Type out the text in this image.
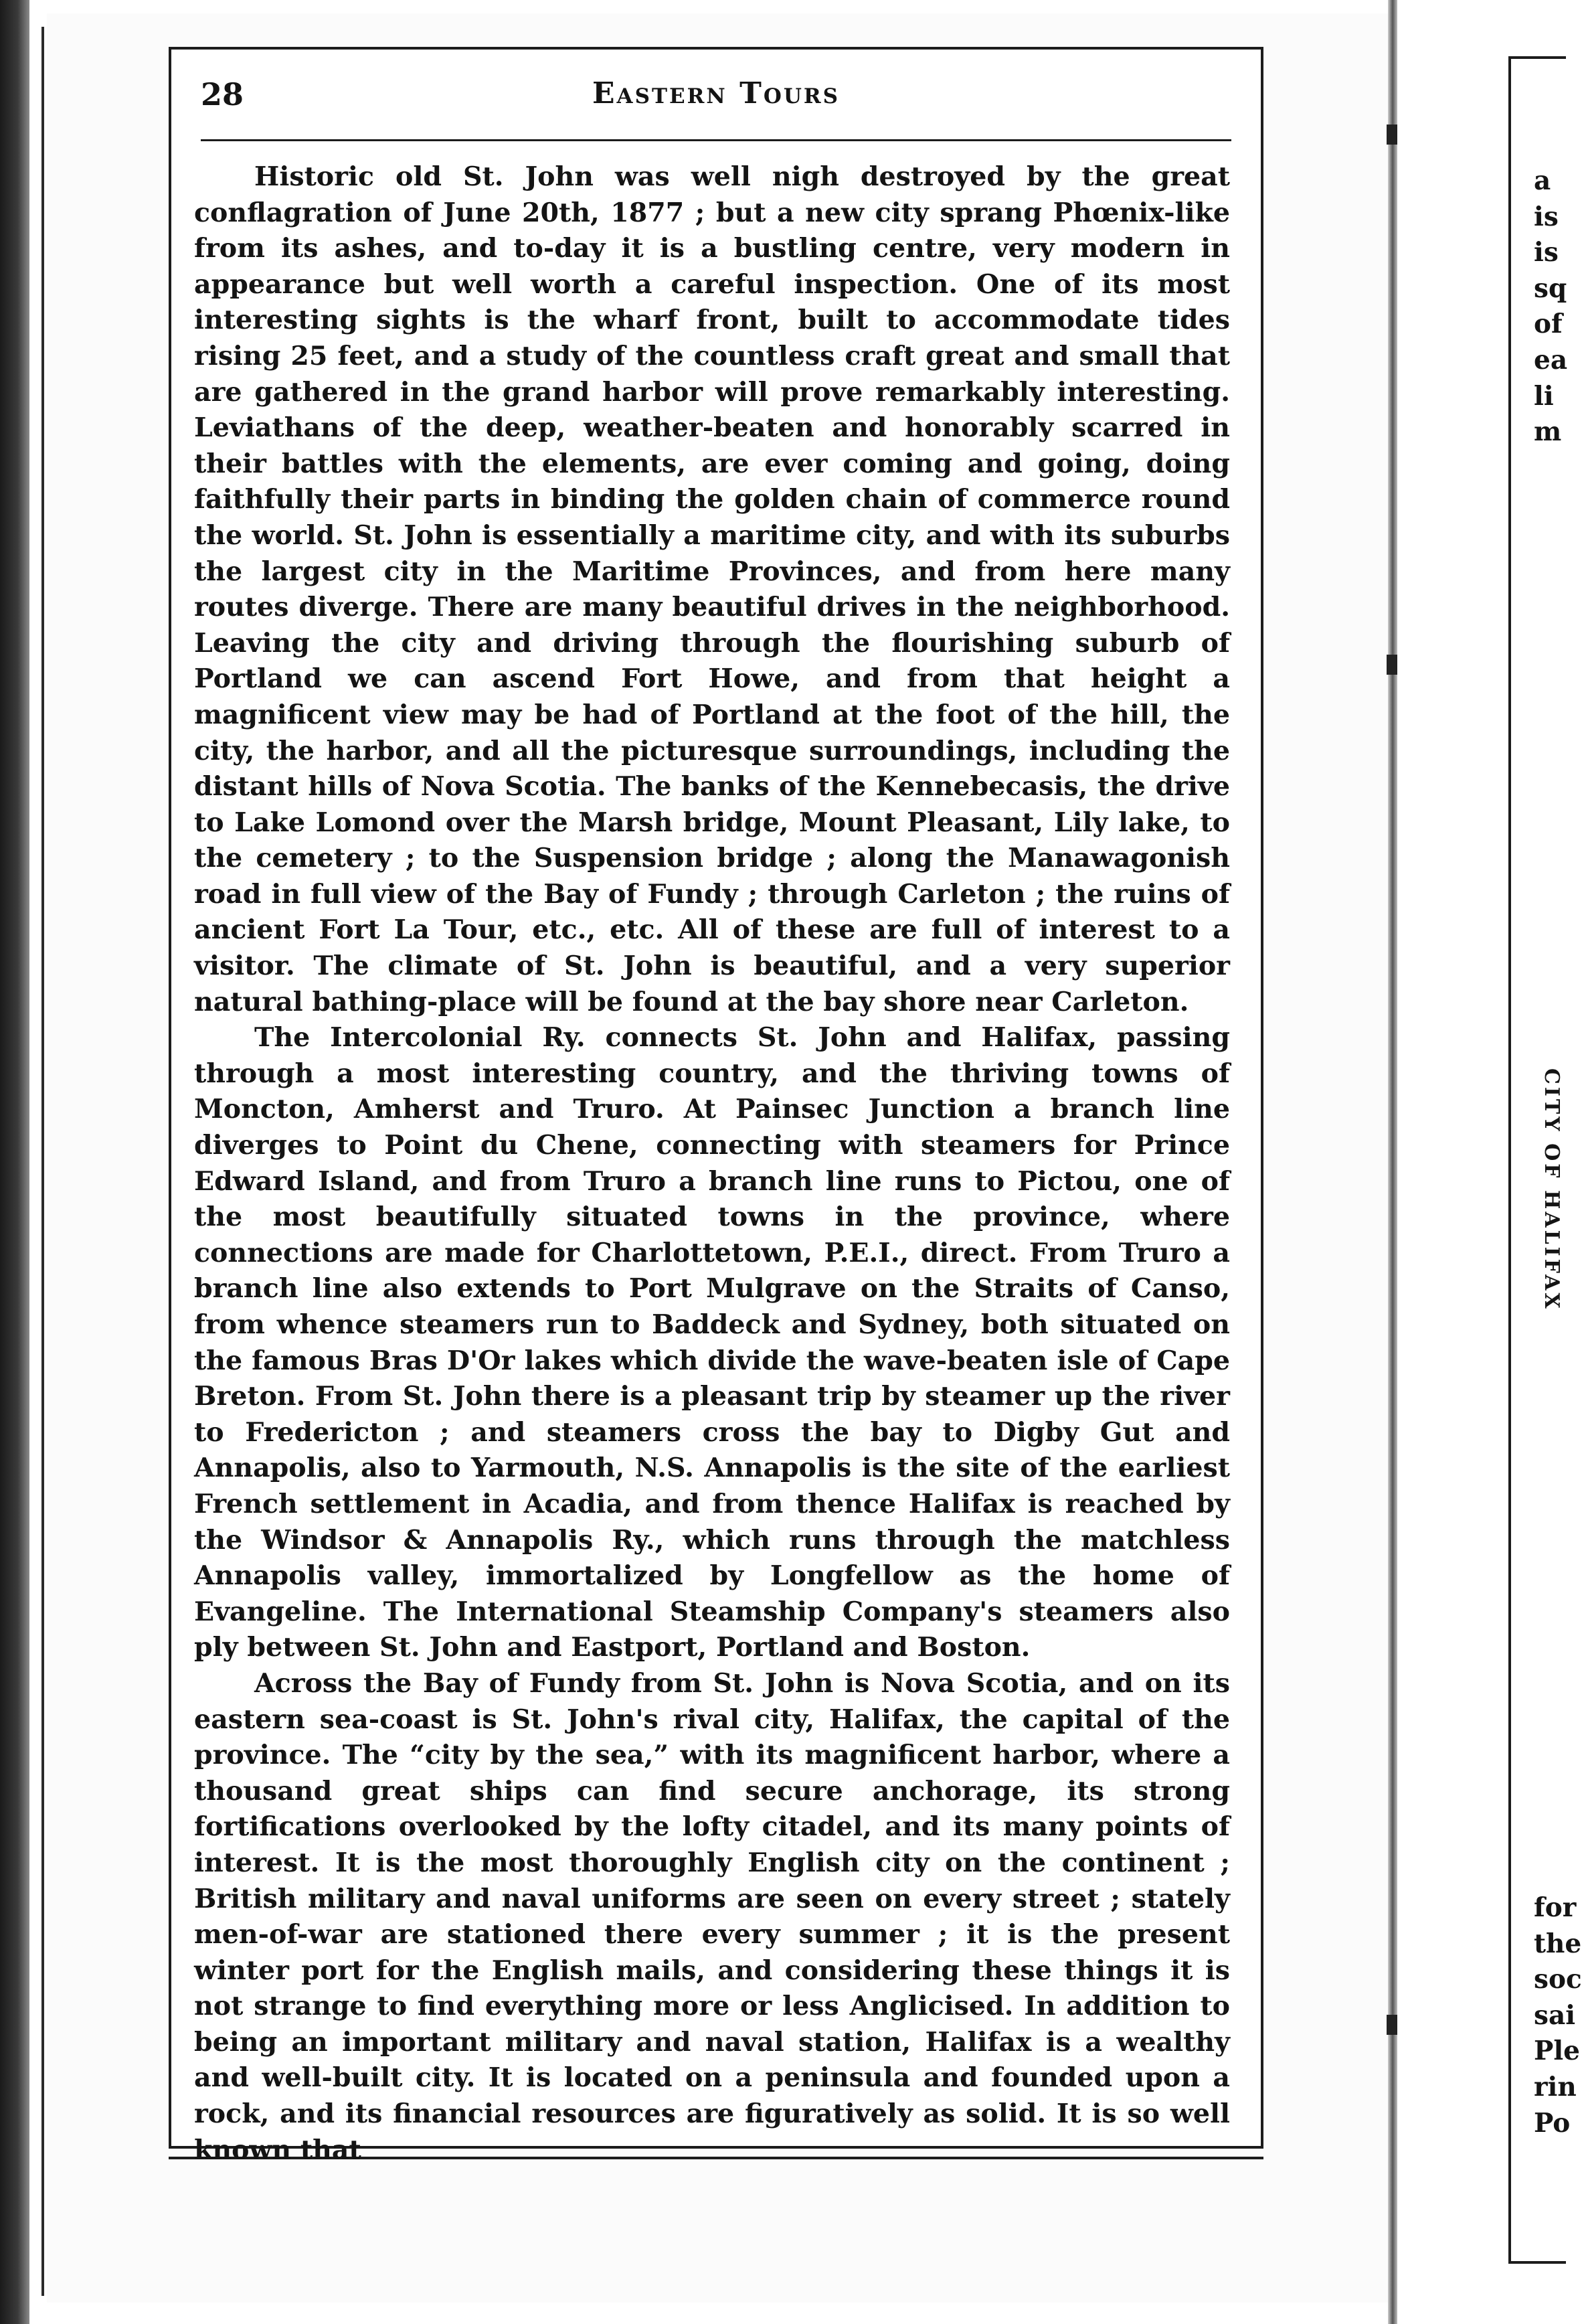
28	Eastern Tours

Historic old St. John was well nigh destroyed by the great conflagration of June 20th, 1877 ; but a new city sprang Phœnix-like from its ashes, and to-day it is a bustling centre, very modern in appearance but well worth a careful inspection. One of its most interesting sights is the wharf front, built to accommodate tides rising 25 feet, and a study of the countless craft great and small that are gathered in the grand harbor will prove remarkably interesting. Leviathans of the deep, weather-beaten and honorably scarred in their battles with the elements, are ever coming and going, doing faithfully their parts in binding the golden chain of commerce round the world. St. John is essentially a maritime city, and with its suburbs the largest city in the Maritime Provinces, and from here many routes diverge. There are many beautiful drives in the neighborhood. Leaving the city and driving through the flourishing suburb of Portland we can ascend Fort Howe, and from that height a magnificent view may be had of Portland at the foot of the hill, the city, the harbor, and all the picturesque surroundings, including the distant hills of Nova Scotia. The banks of the Kennebecasis, the drive to Lake Lomond over the Marsh bridge, Mount Pleasant, Lily lake, to the cemetery ; to the Suspension bridge ; along the Manawagonish road in full view of the Bay of Fundy ; through Carleton ; the ruins of ancient Fort La Tour, etc., etc. All of these are full of interest to a visitor. The climate of St. John is beautiful, and a very superior natural bathing-place will be found at the bay shore near Carleton.

The Intercolonial Ry. connects St. John and Halifax, passing through a most interesting country, and the thriving towns of Moncton, Amherst and Truro. At Painsec Junction a branch line diverges to Point du Chene, connecting with steamers for Prince Edward Island, and from Truro a branch line runs to Pictou, one of the most beautifully situated towns in the province, where connections are made for Charlottetown, P.E.I., direct. From Truro a branch line also extends to Port Mulgrave on the Straits of Canso, from whence steamers run to Baddeck and Sydney, both situated on the famous Bras D'Or lakes which divide the wave-beaten isle of Cape Breton. From St. John there is a pleasant trip by steamer up the river to Fredericton ; and steamers cross the bay to Digby Gut and Annapolis, also to Yarmouth, N.S. Annapolis is the site of the earliest French settlement in Acadia, and from thence Halifax is reached by the Windsor & Annapolis Ry., which runs through the matchless Annapolis valley, immortalized by Longfellow as the home of Evangeline. The International Steamship Company's steamers also ply between St. John and Eastport, Portland and Boston.

Across the Bay of Fundy from St. John is Nova Scotia, and on its eastern sea-coast is St. John's rival city, Halifax, the capital of the province. The “city by the sea,” with its magnificent harbor, where a thousand great ships can find secure anchorage, its strong fortifications overlooked by the lofty citadel, and its many points of interest. It is the most thoroughly English city on the continent ; British military and naval uniforms are seen on every street ; stately men-of-war are stationed there every summer ; it is the present winter port for the English mails, and considering these things it is not strange to find everything more or less Anglicised. In addition to being an important military and naval station, Halifax is a wealthy and well-built city. It is located on a peninsula and founded upon a rock, and its financial resources are figuratively as solid. It is so well known that

a
is
is
sq
of
ea
li
m
CITY OF HALIFAX
for
the
soc
sai
Ple
rin
Po
